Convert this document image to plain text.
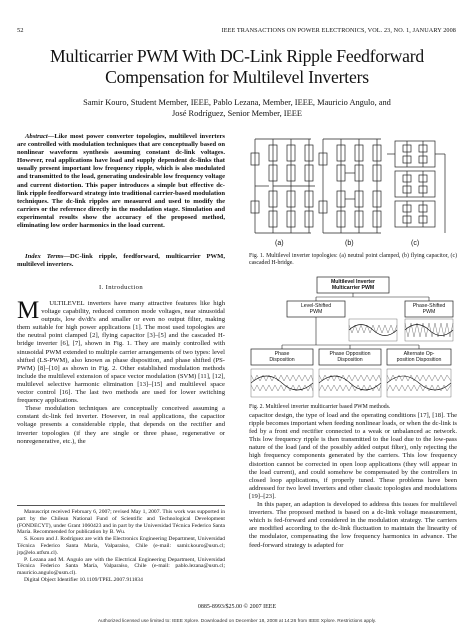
52	IEEE TRANSACTIONS ON POWER ELECTRONICS, VOL. 23, NO. 1, JANUARY 2008
Multicarrier PWM With DC-Link Ripple Feedforward
Compensation for Multilevel Inverters
Samir Kouro, Student Member, IEEE, Pablo Lezana, Member, IEEE, Mauricio Angulo, and
José Rodríguez, Senior Member, IEEE
Abstract—Like most power converter topologies, multilevel inverters are controlled with modulation techniques that are conceptually based on nonlinear waveform synthesis assuming constant dc-link voltages. However, real applications have load and supply dependent dc-links that usually present important low frequency ripple, which is also modulated and transmitted to the load, generating undesirable low frequency voltage and current distortion. This paper introduces a simple but effective dc-link ripple feedforward strategy into traditional carrier-based modulation techniques. The dc-link ripples are measured and used to modify the carriers or the reference directly in the modulation stage. Simulation and experimental results show the accuracy of the proposed method, eliminating low order harmonics in the load current.
Index Terms—DC-link ripple, feedforward, multicarrier PWM, multilevel inverters.
I. Introduction

M ULTILEVEL inverters have many attractive features like high voltage capability, reduced common mode voltages, near sinusoidal outputs, low dv/dt's and smaller or even no output filter, making them suitable for high power applications [1]. The most used topologies are the neutral point clamped [2], flying capacitor [3]–[5] and the cascaded H-bridge inverter [6], [7], shown in Fig. 1. They are mainly controlled with sinusoidal PWM extended to multiple carrier arrangements of two types: level shifted (LS-PWM), also known as phase disposition, and phase shifted (PS-PWM) [8]–[10] as shown in Fig. 2. Other established modulation methods include the multilevel extension of space vector modulation (SVM) [11], [12], multilevel selective harmonic elimination [13]–[15] and multilevel space vector control [16]. The last two methods are used for lower switching frequency applications.

These modulation techniques are conceptually conceived assuming a constant dc-link fed inverter. However, in real applications, the capacitor voltage presents a considerable ripple, that depends on the rectifier and inverter topologies (if they are single or three phase, regenerative or nonregenerative, etc.), the

Manuscript received February 6, 2007; revised May 1, 2007. This work was supported in part by the Chilean National Fund of Scientific and Technological Development (FONDECYT), under Grant 1060423 and in part by the Universidad Técnica Federico Santa María. Recommended for publication by B. Wu.

S. Kouro and J. Rodríguez are with the Electronics Engineering Department, Universidad Técnica Federico Santa María, Valparaíso, Chile (e-mail: samir.kouro@usm.cl; jrp@elo.utfsm.cl).

P. Lezana and M. Angulo are with the Electrical Engineering Department, Universidad Técnica Federico Santa María, Valparaíso, Chile (e-mail: pablo.lezana@usm.cl; mauricio.angulo@usm.cl).

Digital Object Identifier 10.1109/TPEL.2007.911834

(a)	(b)	(c)
Fig. 1. Multilevel inverter topologies: (a) neutral point clamped, (b) flying capacitor, (c) cascaded H-bridge.
Multilevel Inverter Multicarrier PWM
Level-Shifted PWM
Phase-Shifted PWM
Phase Disposition
Phase Opposition Disposition
Alternate Op-position Disposition
Fig. 2. Multilevel inverter multicarrier based PWM methods.

capacitor design, the type of load and the operating conditions [17], [18]. The ripple becomes important when feeding nonlinear loads, or when the dc-link is fed by a front end rectifier connected to a weak or unbalanced ac network. This low frequency ripple is then transmitted to the load due to the low-pass nature of the load (and of the possibly added output filter), only rejecting the high frequency components generated by the carriers. This low frequency distortion cannot be corrected in open loop applications (they will appear in the load current), and could somehow be compensated by the controllers in closed loop applications, if properly tuned. These problems have been addressed for two level inverters and other classic topologies and modulations [19]–[23].

In this paper, an adaption is developed to address this issues for multilevel inverters. The proposed method is based on a dc-link voltage measurement, which is fed-forward and considered in the modulation strategy. The carriers are modified according to the dc-link fluctuation to maintain the linearity of the modulator, compensating the low frequency harmonics in advance. The feed-forward strategy is adapted for

0885-8993/$25.00 © 2007 IEEE
Authorized licensed use limited to: IEEE Xplore. Downloaded on December 18, 2008 at 14:26 from IEEE Xplore. Restrictions apply.
